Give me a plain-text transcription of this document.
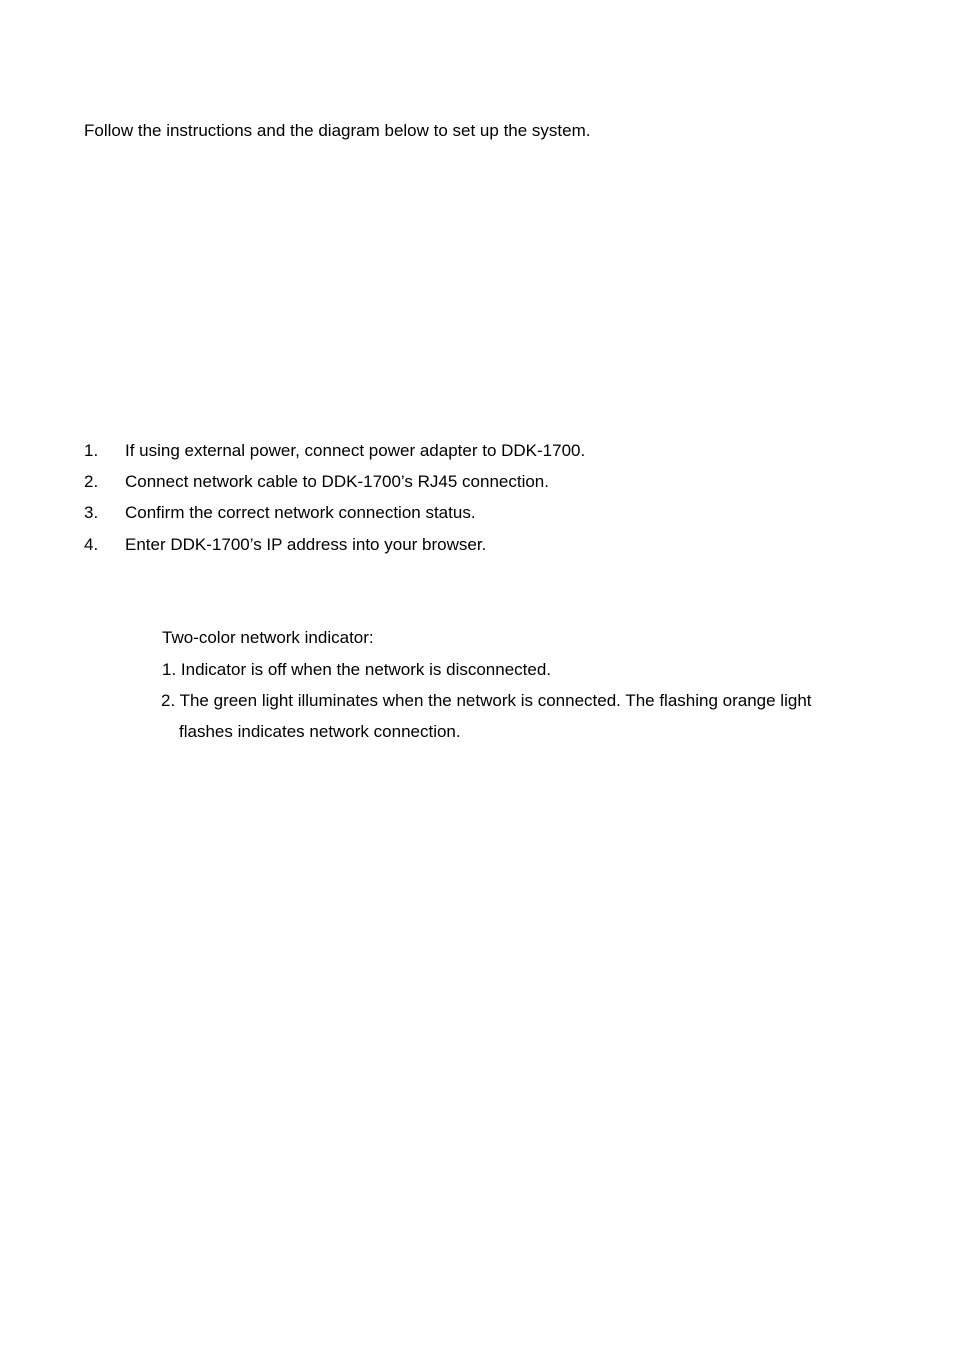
Follow the instructions and the diagram below to set up the system.
1. If using external power, connect power adapter to DDK-1700.
2. Connect network cable to DDK-1700’s RJ45 connection.
3. Confirm the correct network connection status.
4. Enter DDK-1700’s IP address into your browser.
Two-color network indicator:
1. Indicator is off when the network is disconnected.
2. The green light illuminates when the network is connected. The flashing orange light
flashes indicates network connection.
